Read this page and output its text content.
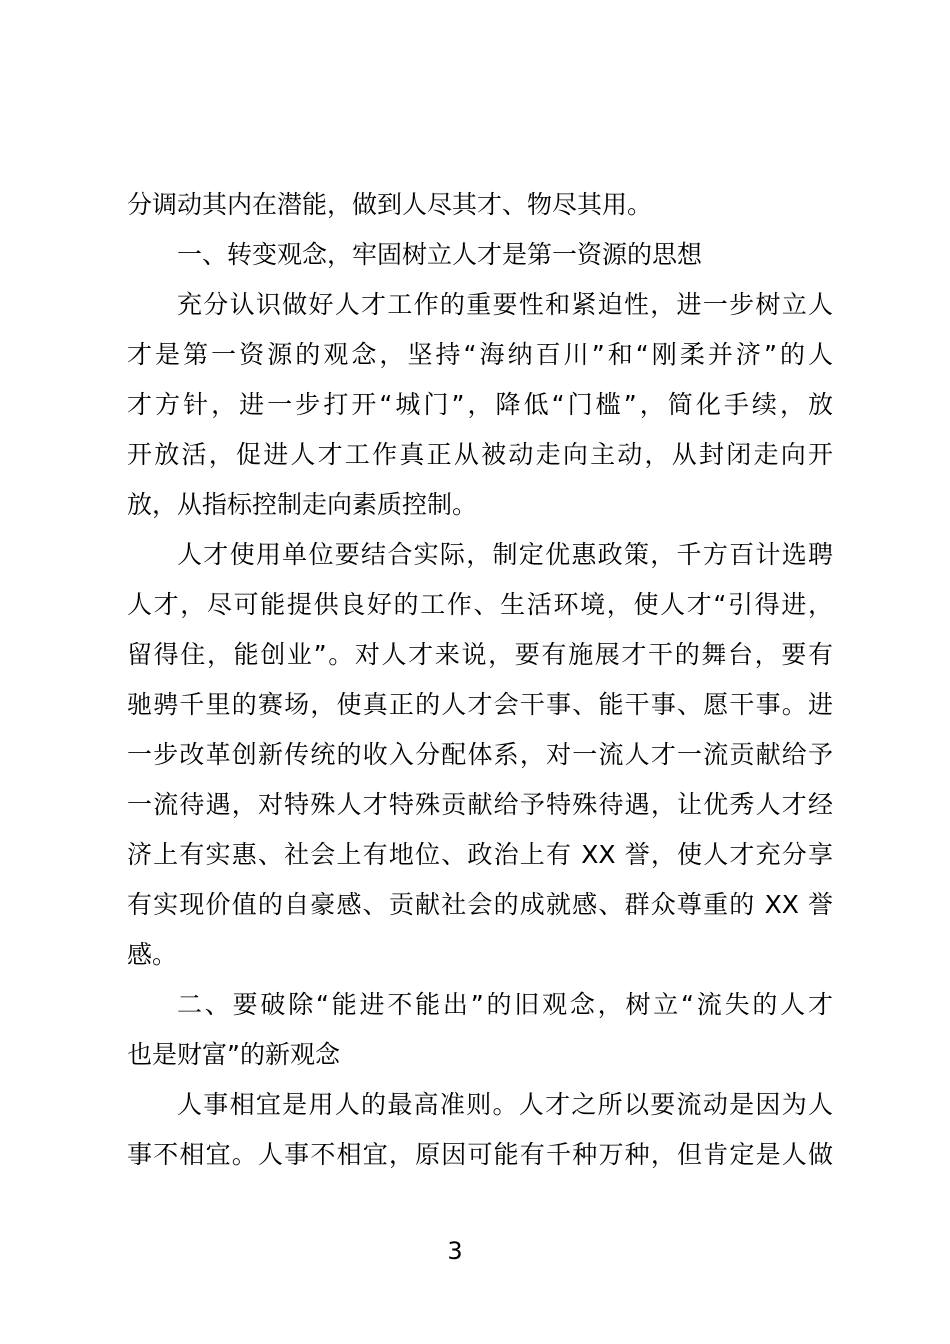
分调动其内在潜能，做到人尽其才、物尽其用。
一、转变观念，牢固树立人才是第一资源的思想
充分认识做好人才工作的重要性和紧迫性，进一步树立人
才是第一资源的观念，坚持“海纳百川”和“刚柔并济”的人
才方针，进一步打开“城门”，降低“门槛”，简化手续，放
开放活，促进人才工作真正从被动走向主动，从封闭走向开
放，从指标控制走向素质控制。
人才使用单位要结合实际，制定优惠政策，千方百计选聘
人才，尽可能提供良好的工作、生活环境，使人才“引得进，
留得住，能创业”。对人才来说，要有施展才干的舞台，要有
驰骋千里的赛场，使真正的人才会干事、能干事、愿干事。进
一步改革创新传统的收入分配体系，对一流人才一流贡献给予
一流待遇，对特殊人才特殊贡献给予特殊待遇，让优秀人才经
济上有实惠、社会上有地位、政治上有 XX 誉，使人才充分享
有实现价值的自豪感、贡献社会的成就感、群众尊重的 XX 誉
感。
二、要破除“能进不能出”的旧观念，树立“流失的人才
也是财富”的新观念
人事相宜是用人的最高准则。人才之所以要流动是因为人
事不相宜。人事不相宜，原因可能有千种万种，但肯定是人做
3
